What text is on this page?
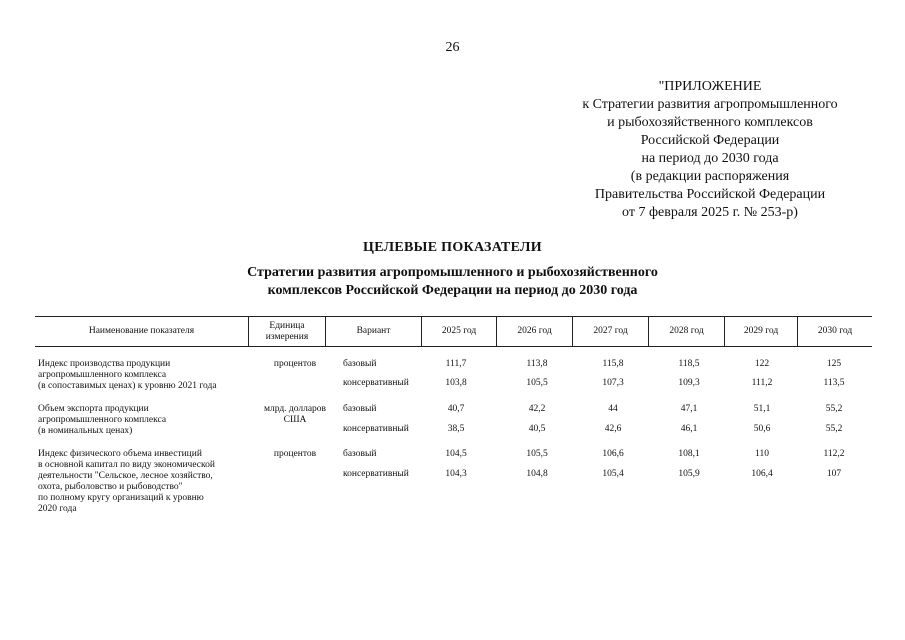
26
"ПРИЛОЖЕНИЕ
к Стратегии развития агропромышленного
и рыбохозяйственного комплексов
Российской Федерации
на период до 2030 года
(в редакции распоряжения
Правительства Российской Федерации
от 7 февраля 2025 г. № 253-р)
ЦЕЛЕВЫЕ ПОКАЗАТЕЛИ
Стратегии развития агропромышленного и рыбохозяйственного
комплексов Российской Федерации на период до 2030 года
Наименование показателя
Единица
измерения
Вариант	2025 год	2026 год	2027 год	2028 год	2029 год	2030 год
Индекс производства продукции
агропромышленного комплекса
(в сопоставимых ценах) к уровню 2021 года
процентов	базовый	111,7	113,8	115,8	118,5	122	125
консервативный	103,8	105,5	107,3	109,3	111,2	113,5
Объем экспорта продукции
агропромышленного комплекса
(в номинальных ценах)
млрд. долларов
США
базовый	40,7	42,2	44	47,1	51,1	55,2
консервативный	38,5	40,5	42,6	46,1	50,6	55,2
Индекс физического объема инвестиций
в основной капитал по виду экономической
деятельности "Сельское, лесное хозяйство,
охота, рыболовство и рыбоводство"
по полному кругу организаций к уровню
2020 года
процентов	базовый	104,5	105,5	106,6	108,1	110	112,2
консервативный	104,3	104,8	105,4	105,9	106,4	107
